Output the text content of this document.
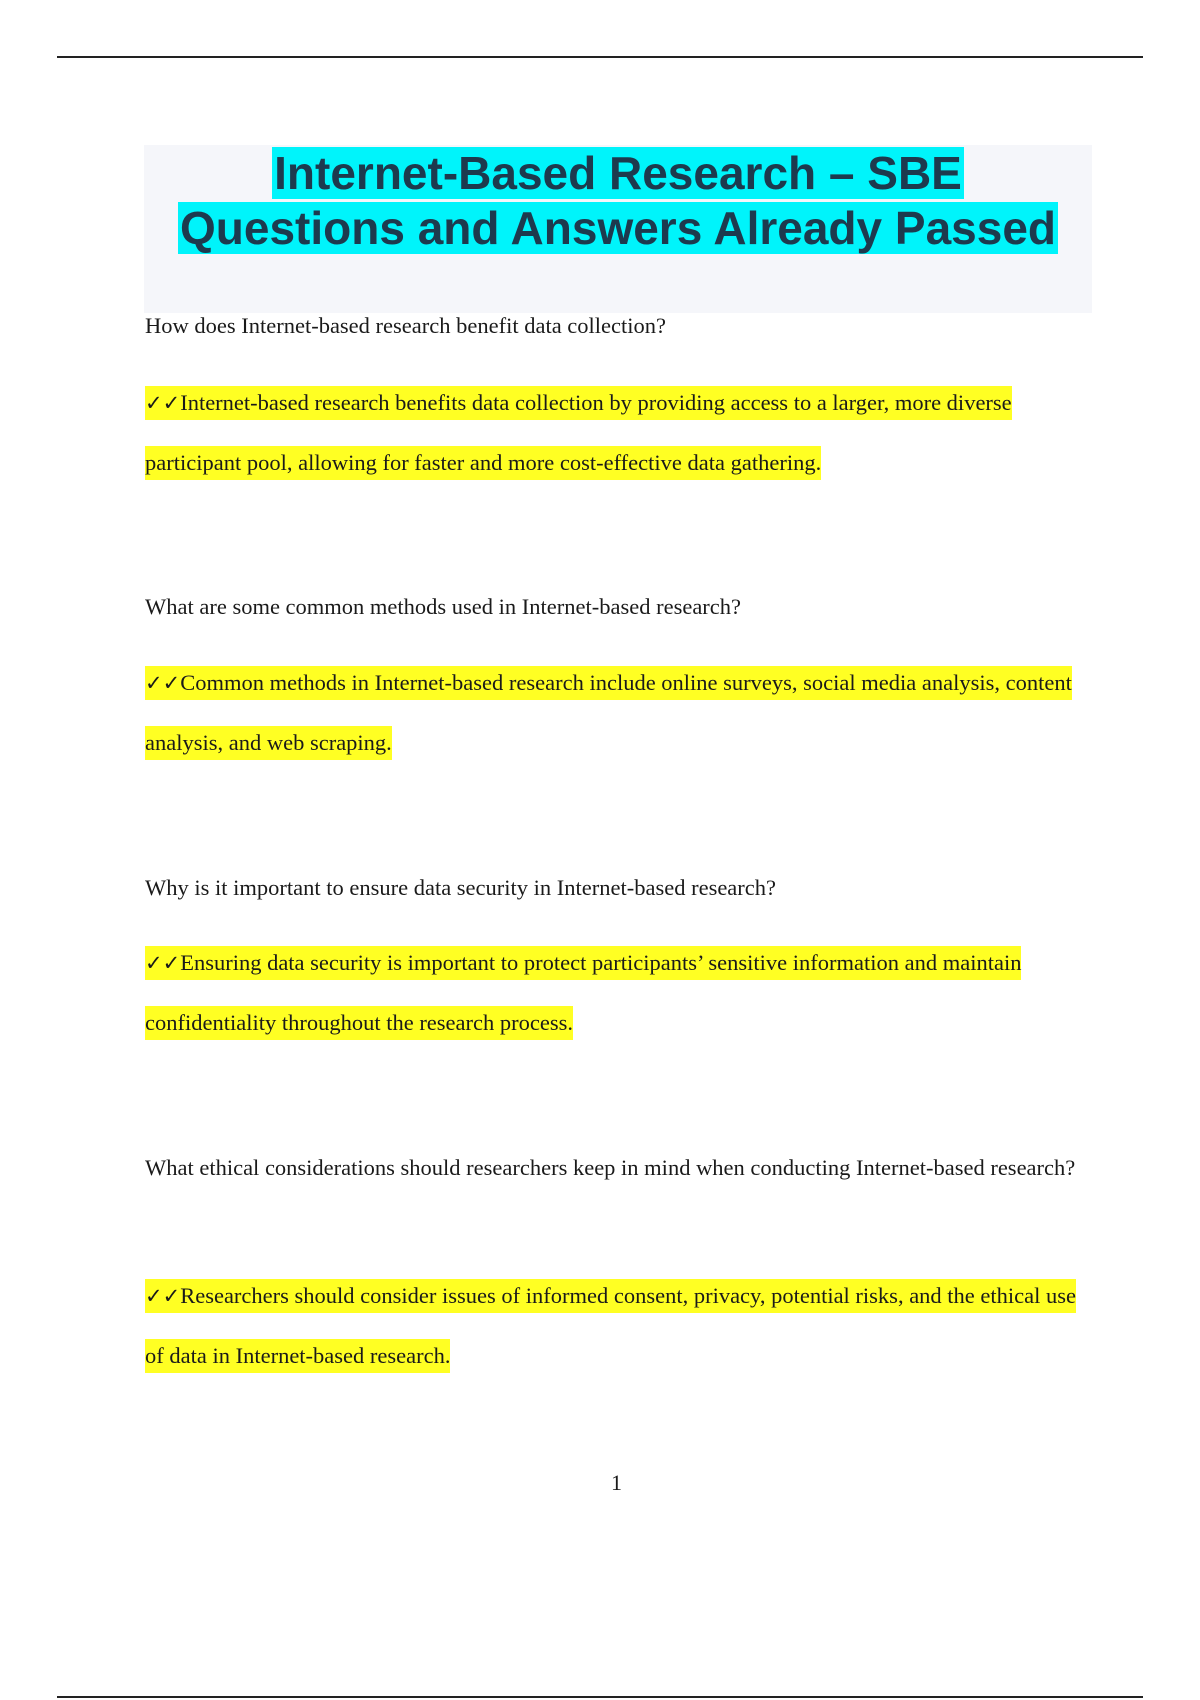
Internet-Based Research – SBE
Questions and Answers Already Passed
How does Internet-based research benefit data collection?
✓✓Internet-based research benefits data collection by providing access to a larger, more diverse participant pool, allowing for faster and more cost-effective data gathering.
What are some common methods used in Internet-based research?
✓✓Common methods in Internet-based research include online surveys, social media analysis, content analysis, and web scraping.
Why is it important to ensure data security in Internet-based research?
✓✓Ensuring data security is important to protect participants’ sensitive information and maintain confidentiality throughout the research process.
What ethical considerations should researchers keep in mind when conducting Internet-based research?
✓✓Researchers should consider issues of informed consent, privacy, potential risks, and the ethical use of data in Internet-based research.
1
